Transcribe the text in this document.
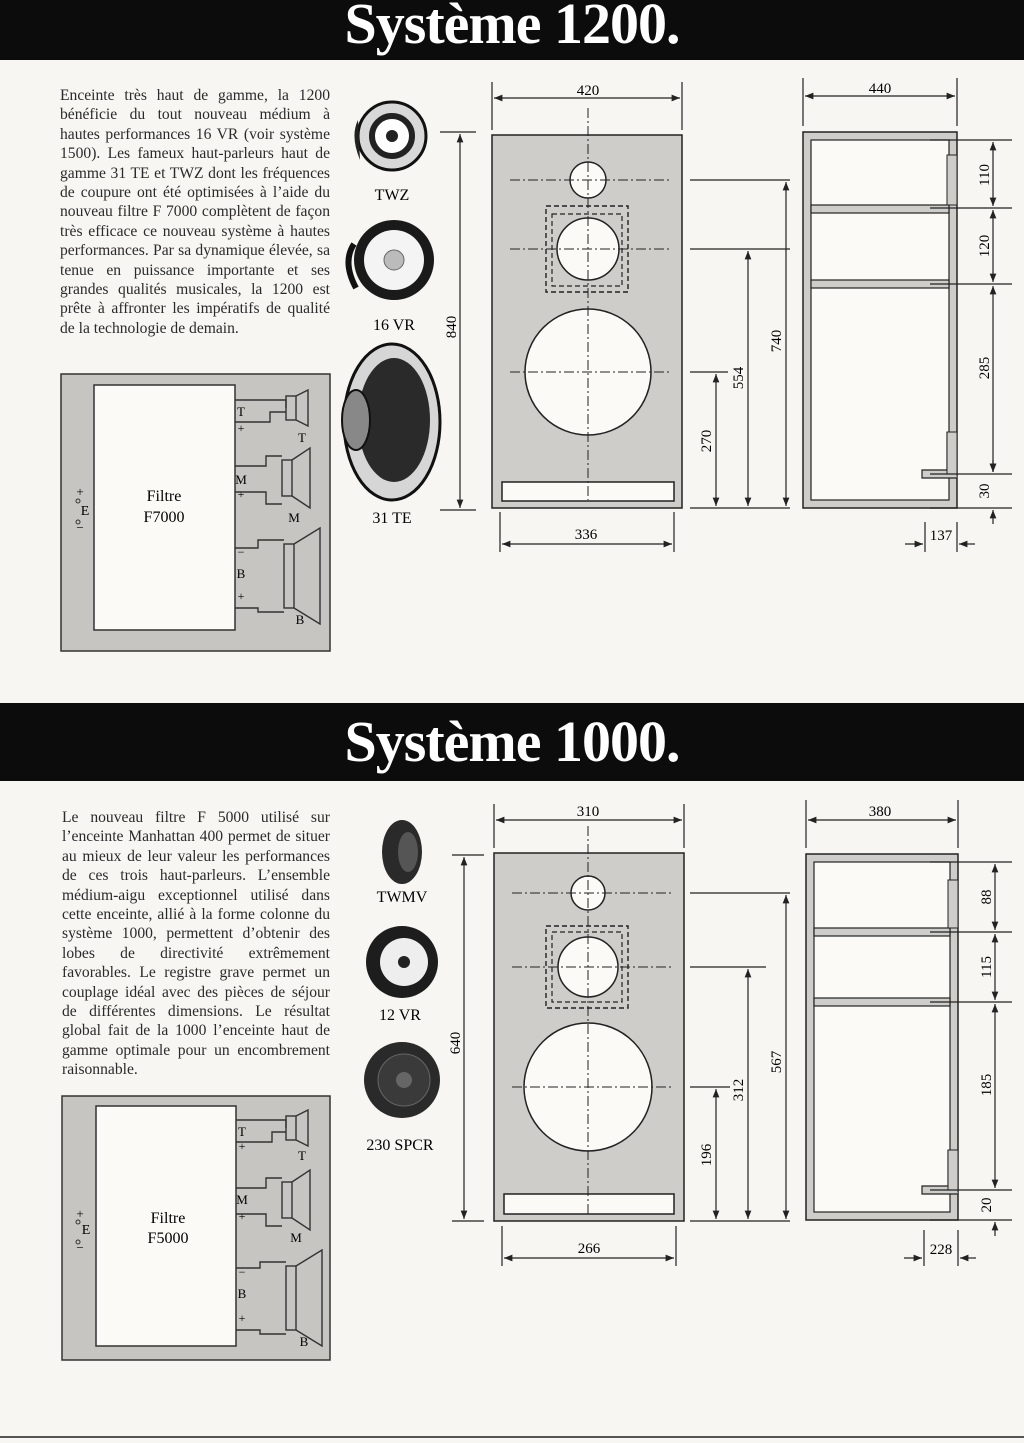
Système 1200.
Enceinte très haut de gamme, la 1200 bénéficie du tout nouveau médium à hautes performances 16 VR (voir système 1500). Les fameux haut-parleurs haut de gamme 31 TE et TWZ dont les fréquences de coupure ont été optimisées à l’aide du nouveau filtre F 7000 complètent de façon très efficace ce nouveau système à hautes performances. Par sa dynamique élevée, sa tenue en puissance importante et ses grandes qualités musicales, la 1200 est prête à affronter les impératifs de qualité de la technologie de demain.
Filtre
F7000
+
E
−
T
+
T
M
+
M
−
B
+
B
TWZ
16 VR
31 TE
420
336
840
740
554
270
440
110
120
285
30
137
Système 1000.
Le nouveau filtre F 5000 utilisé sur l’enceinte Manhattan 400 permet de situer au mieux de leur valeur les performances de ces trois haut-parleurs. L’ensemble médium-aigu exceptionnel utilisé dans cette enceinte, allié à la forme colonne du système 1000, permettent d’obtenir des lobes de directivité extrêmement favorables. Le registre grave permet un couplage idéal avec des pièces de séjour de différentes dimensions. Le résultat global fait de la 1000 l’enceinte haut de gamme optimale pour un encombrement raisonnable.
Filtre
F5000
+
E
−
T
+
T
M
+
M
−
B
+
B
TWMV
12 VR
230 SPCR
310
266
640
567
312
196
380
88
115
185
20
228
